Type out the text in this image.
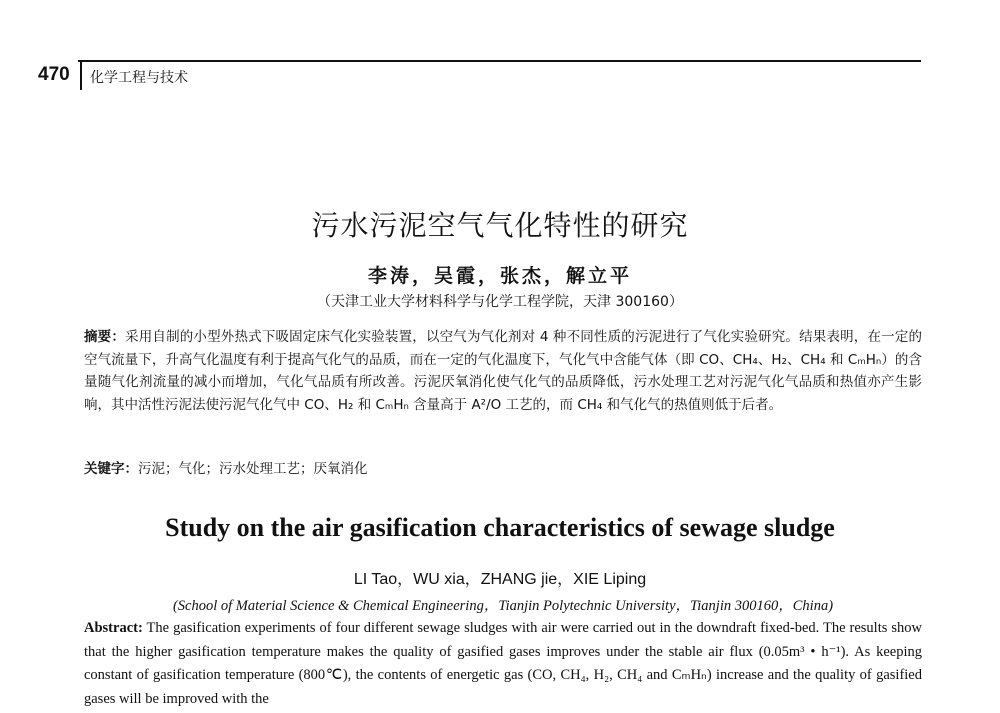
470 化学工程与技术
污水污泥空气气化特性的研究
李涛，吴霞，张杰，解立平
（天津工业大学材料科学与化学工程学院，天津 300160）
摘要：采用自制的小型外热式下吸固定床气化实验装置，以空气为气化剂对 4 种不同性质的污泥进行了气化实验研究。结果表明，在一定的空气流量下，升高气化温度有利于提高气化气的品质，而在一定的气化温度下，气化气中含能气体（即 CO、CH₄、H₂、CH₄ 和 CₘHₙ）的含量随气化剂流量的减小而增加，气化气品质有所改善。污泥厌氧消化使气化气的品质降低，污水处理工艺对污泥气化气品质和热值亦产生影响，其中活性污泥法使污泥气化气中 CO、H₂ 和 CₘHₙ 含量高于 A²/O 工艺的，而 CH₄ 和气化气的热值则低于后者。
关键字：污泥；气化；污水处理工艺；厌氧消化
Study on the air gasification characteristics of sewage sludge
LI Tao，WU xia，ZHANG jie，XIE Liping
(School of Material Science & Chemical Engineering，Tianjin Polytechnic University，Tianjin 300160，China)
Abstract: The gasification experiments of four different sewage sludges with air were carried out in the downdraft fixed-bed. The results show that the higher gasification temperature makes the quality of gasified gases improves under the stable air flux (0.05m³ • h⁻¹). As keeping constant of gasification temperature (800℃), the contents of energetic gas (CO, CH₄, H₂, CH₄ and CₘHₙ) increase and the quality of gasified gases will be improved with the
